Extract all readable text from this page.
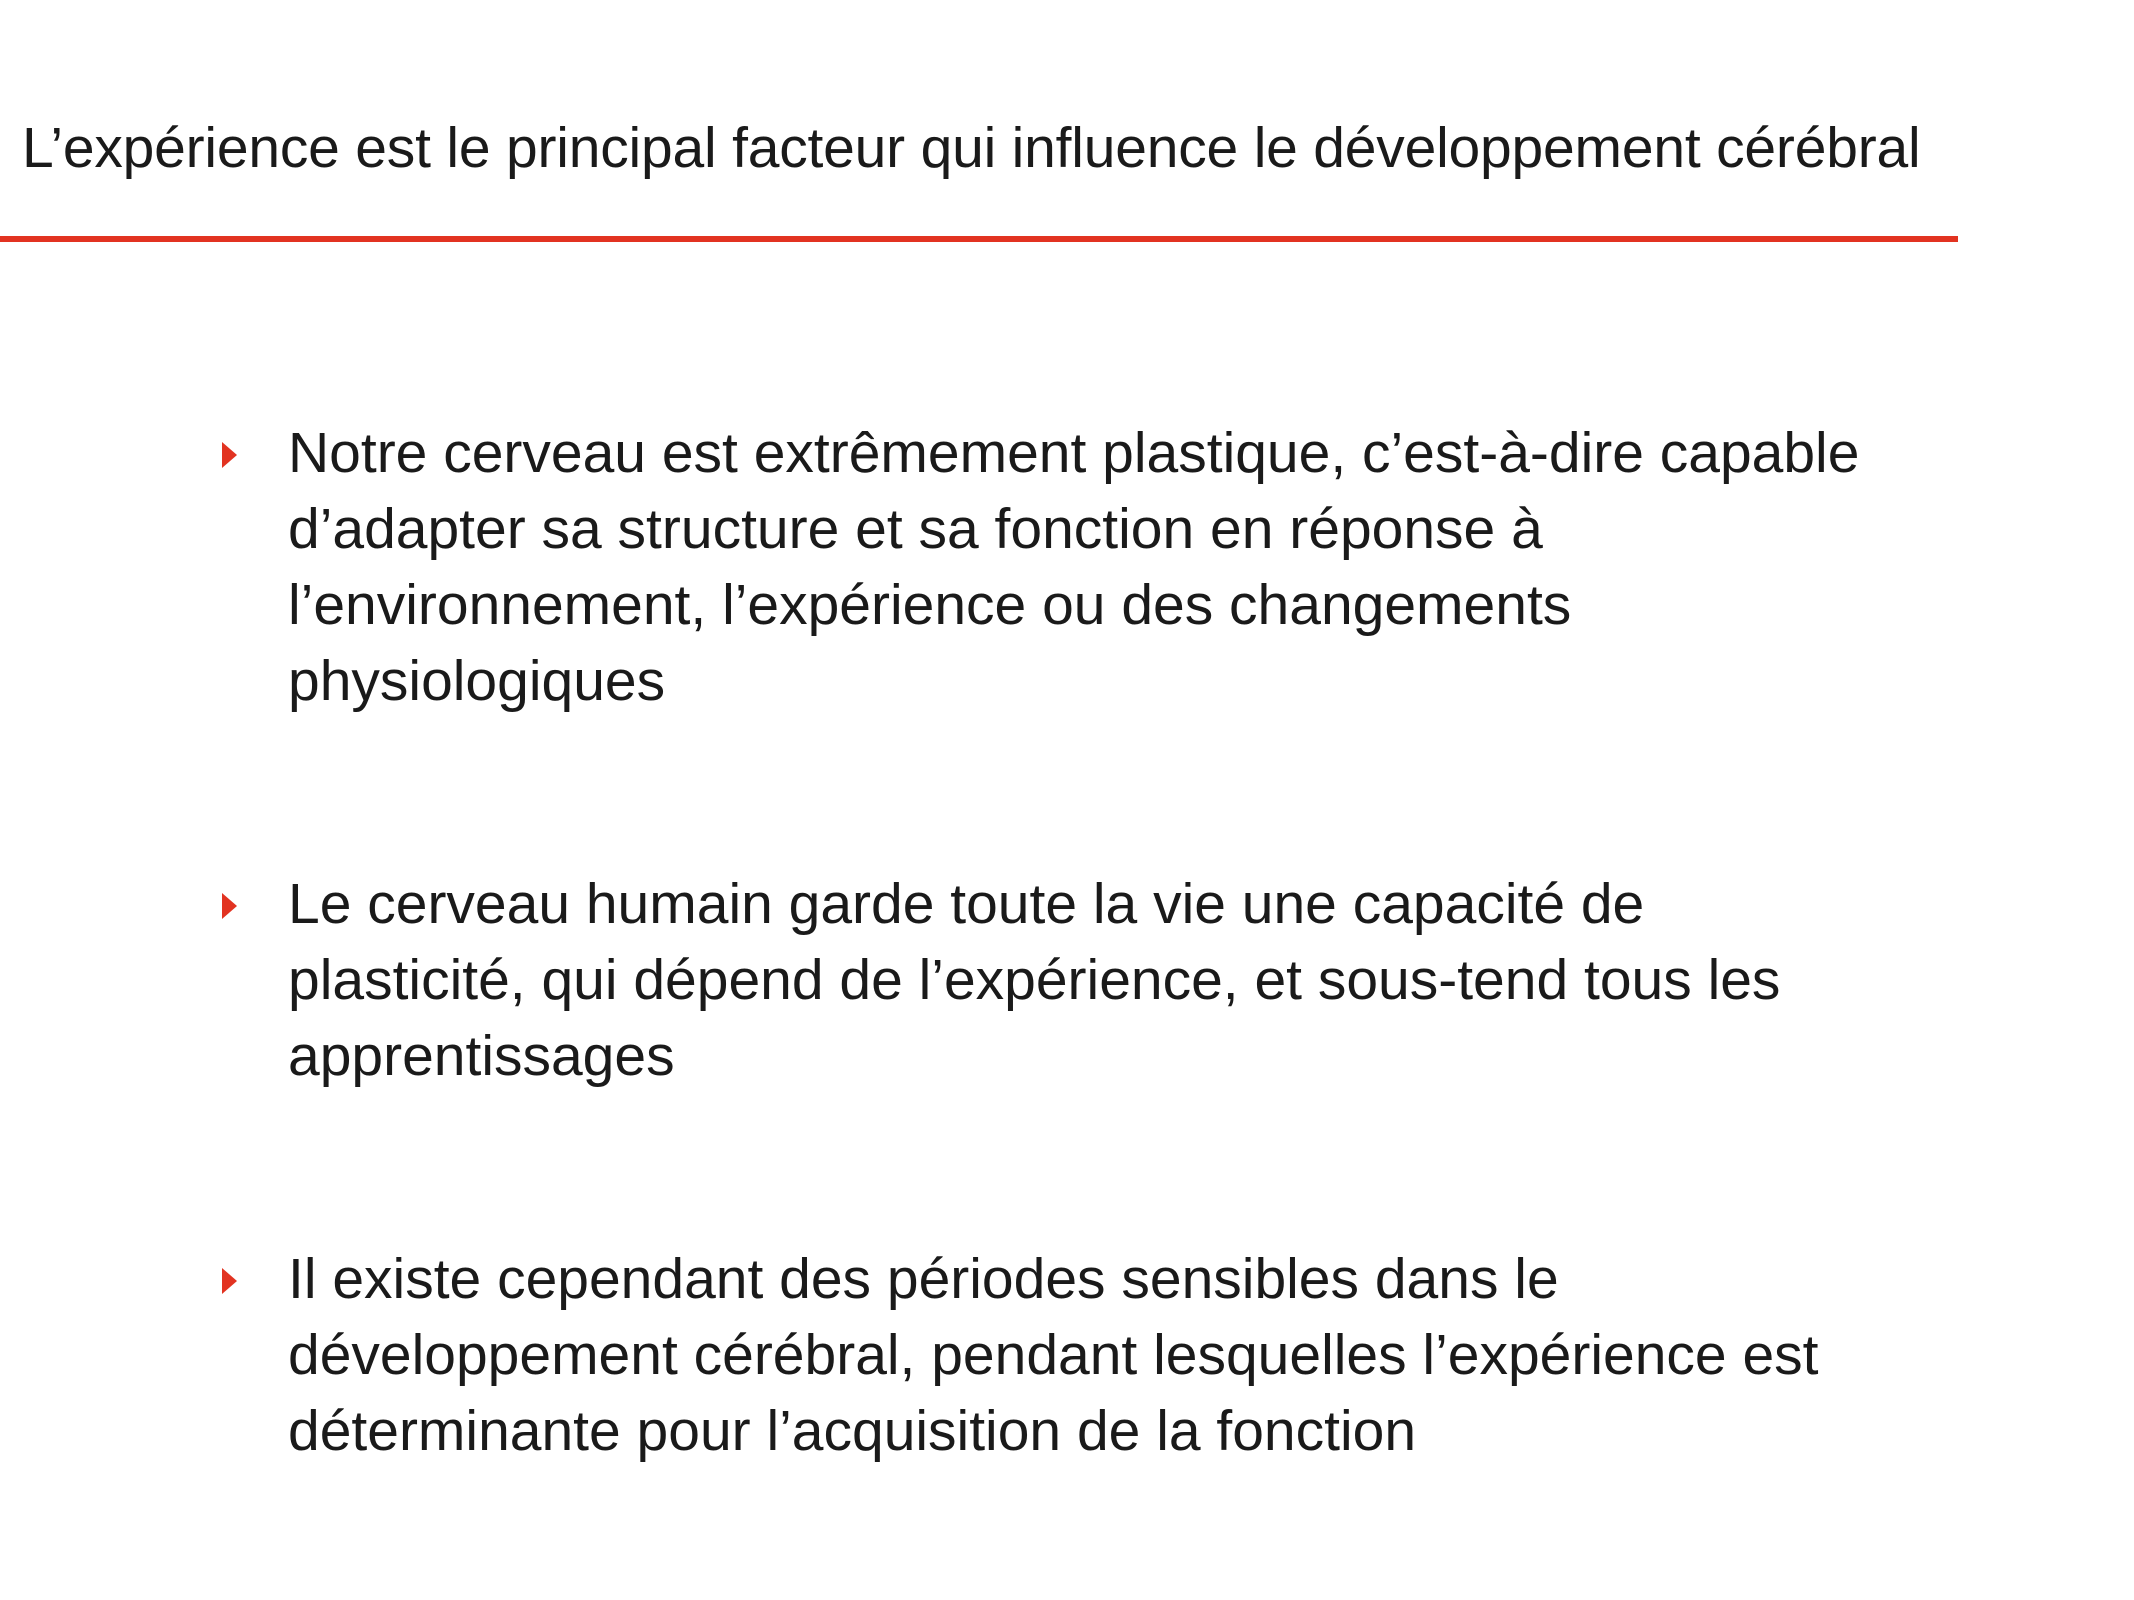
L’expérience est le principal facteur qui influence le développement cérébral
Notre cerveau est extrêmement plastique, c’est-à-dire capable
d’adapter sa structure et sa fonction en réponse à
l’environnement, l’expérience ou des changements
physiologiques
Le cerveau humain garde toute la vie une capacité de
plasticité, qui dépend de l’expérience, et sous-tend tous les
apprentissages
Il existe cependant des périodes sensibles dans le
développement cérébral, pendant lesquelles l’expérience est
déterminante pour l’acquisition de la fonction
